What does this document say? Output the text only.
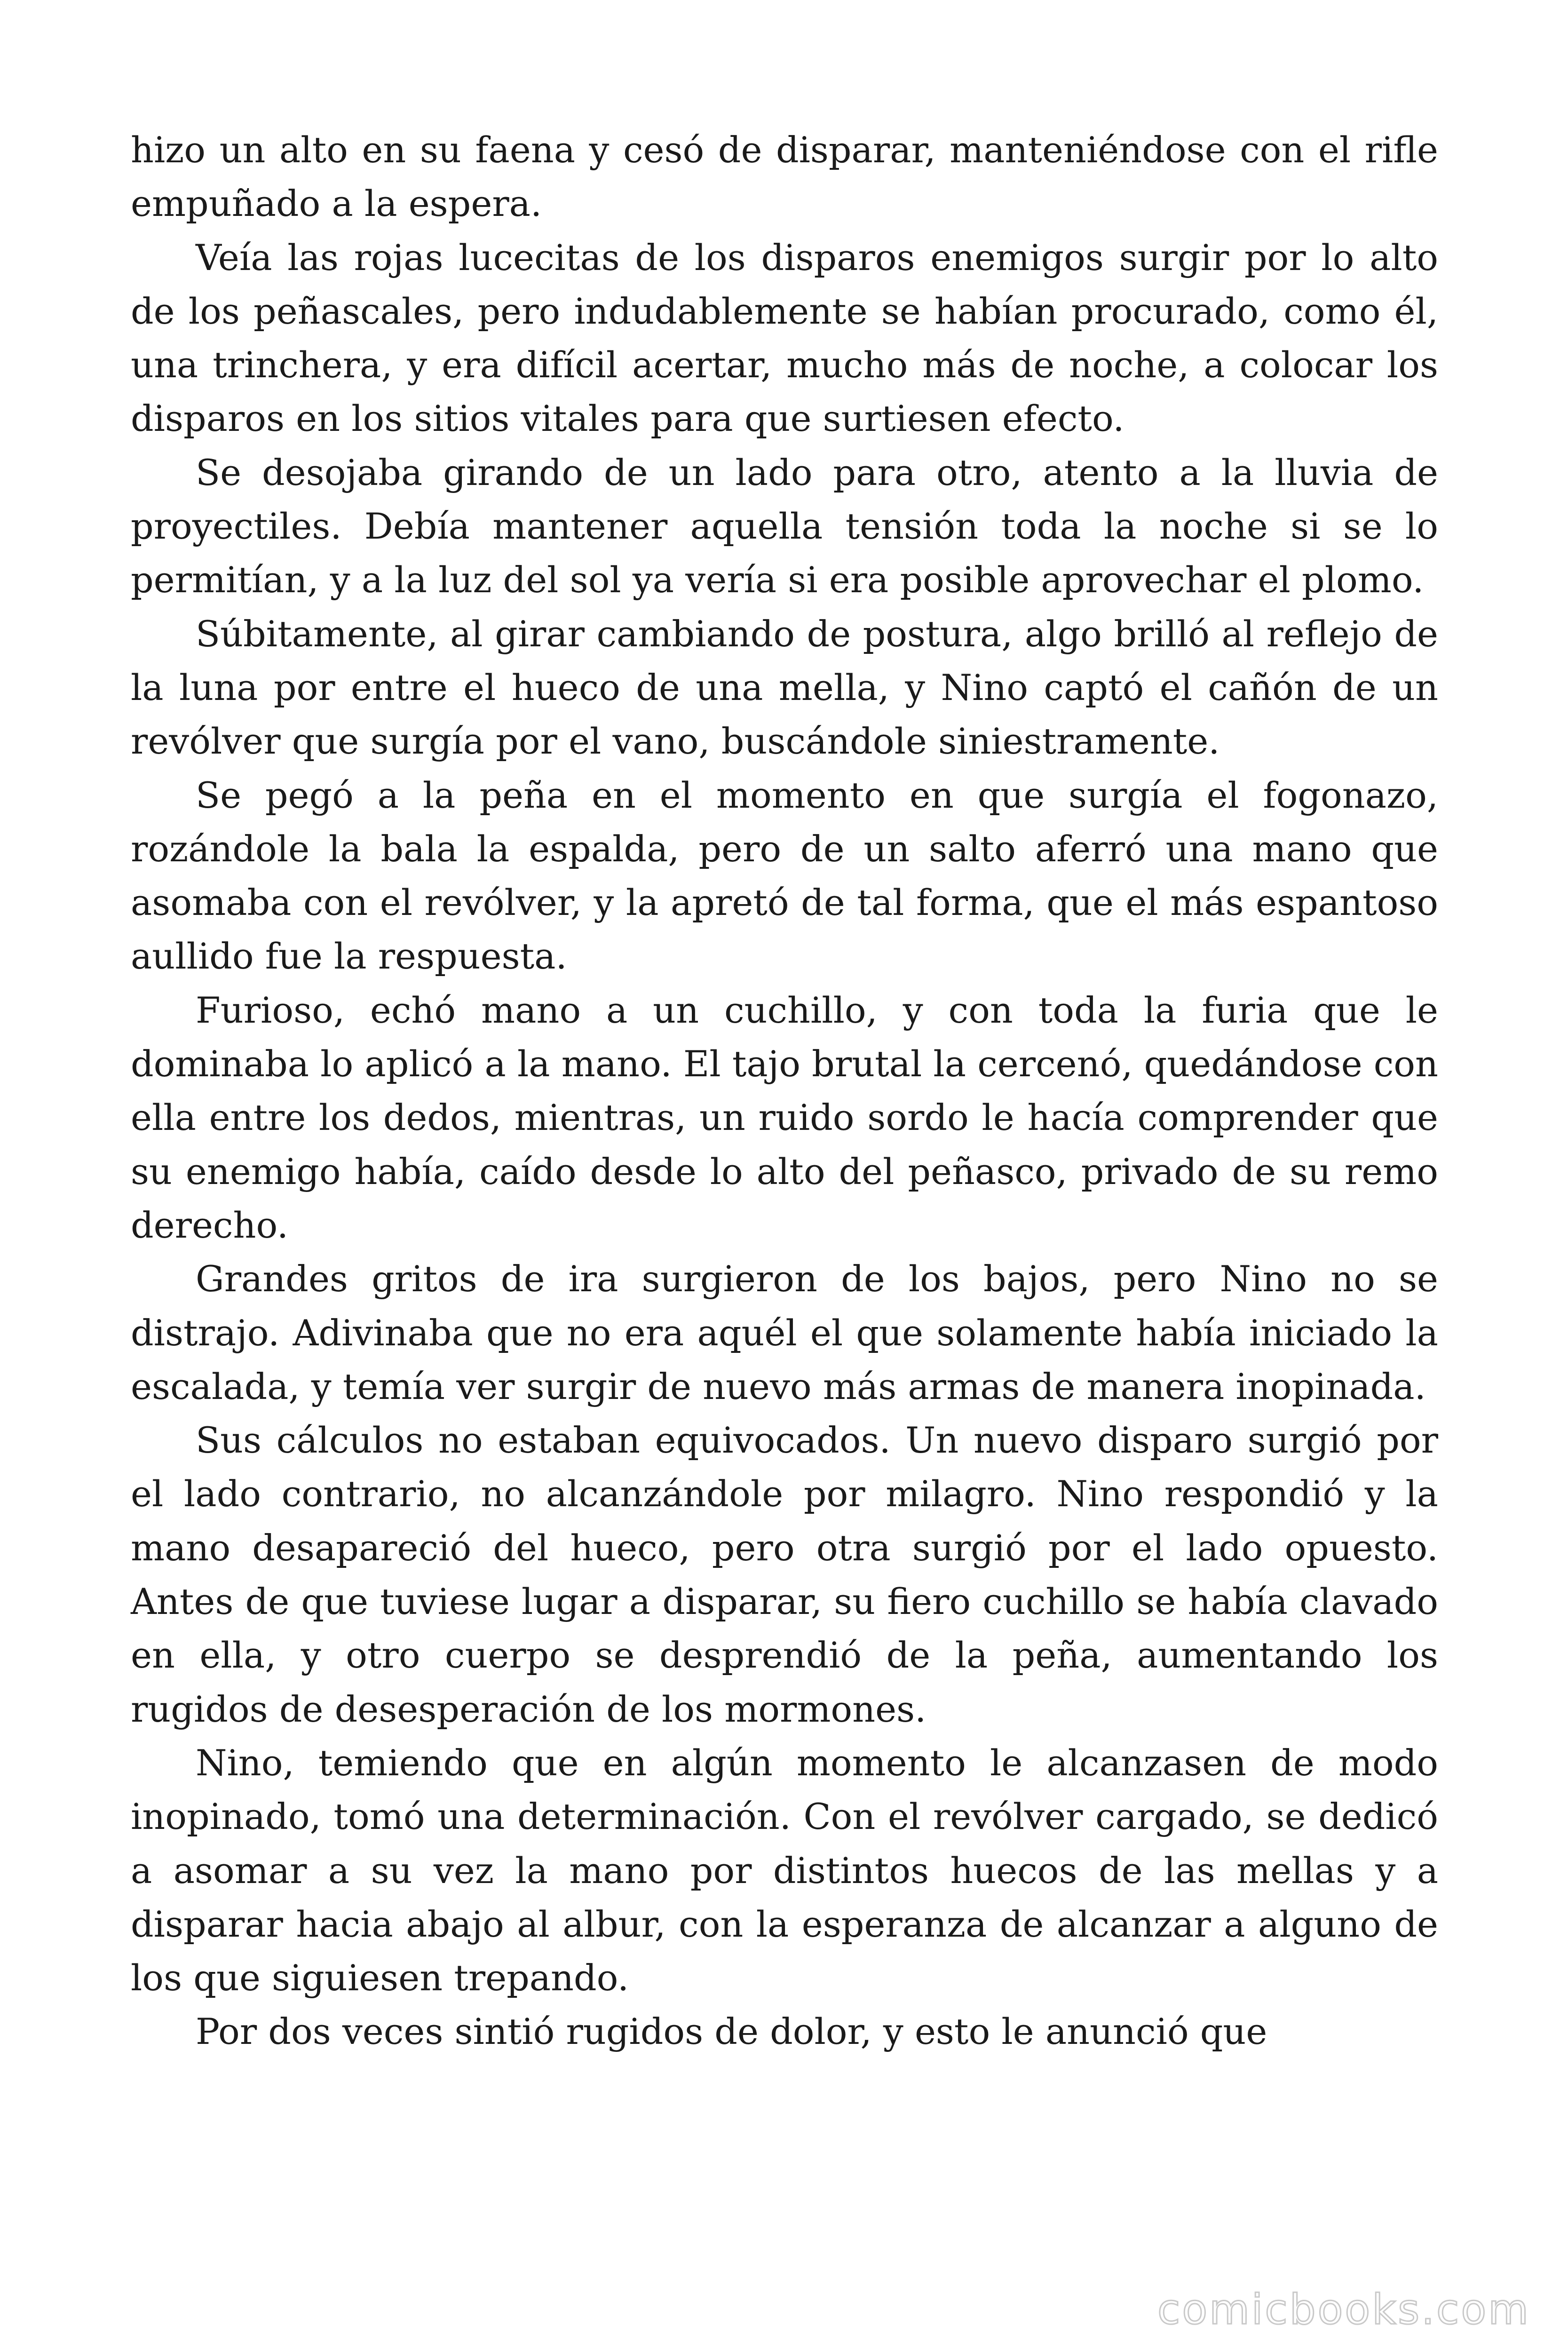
hizo un alto en su faena y cesó de disparar, manteniéndose con el rifle empuñado a la espera.

Veía las rojas lucecitas de los disparos enemigos surgir por lo alto de los peñascales, pero indudablemente se habían procurado, como él, una trinchera, y era difícil acertar, mucho más de noche, a colocar los disparos en los sitios vitales para que surtiesen efecto.

Se desojaba girando de un lado para otro, atento a la lluvia de proyectiles. Debía mantener aquella tensión toda la noche si se lo permitían, y a la luz del sol ya vería si era posible aprovechar el plomo.

Súbitamente, al girar cambiando de postura, algo brilló al reflejo de la luna por entre el hueco de una mella, y Nino captó el cañón de un revólver que surgía por el vano, buscándole siniestramente.

Se pegó a la peña en el momento en que surgía el fogonazo, rozándole la bala la espalda, pero de un salto aferró una mano que asomaba con el revólver, y la apretó de tal forma, que el más espantoso aullido fue la respuesta.

Furioso, echó mano a un cuchillo, y con toda la furia que le dominaba lo aplicó a la mano. El tajo brutal la cercenó, quedándose con ella entre los dedos, mientras, un ruido sordo le hacía comprender que su enemigo había, caído desde lo alto del peñasco, privado de su remo derecho.

Grandes gritos de ira surgieron de los bajos, pero Nino no se distrajo. Adivinaba que no era aquél el que solamente había iniciado la escalada, y temía ver surgir de nuevo más armas de manera inopinada.

Sus cálculos no estaban equivocados. Un nuevo disparo surgió por el lado contrario, no alcanzándole por milagro. Nino respondió y la mano desapareció del hueco, pero otra surgió por el lado opuesto. Antes de que tuviese lugar a disparar, su fiero cuchillo se había clavado en ella, y otro cuerpo se desprendió de la peña, aumentando los rugidos de desesperación de los mormones.

Nino, temiendo que en algún momento le alcanzasen de modo inopinado, tomó una determinación. Con el revólver cargado, se dedicó a asomar a su vez la mano por distintos huecos de las mellas y a disparar hacia abajo al albur, con la esperanza de alcanzar a alguno de los que siguiesen trepando.

Por dos veces sintió rugidos de dolor, y esto le anunció que

comicbooks.com
